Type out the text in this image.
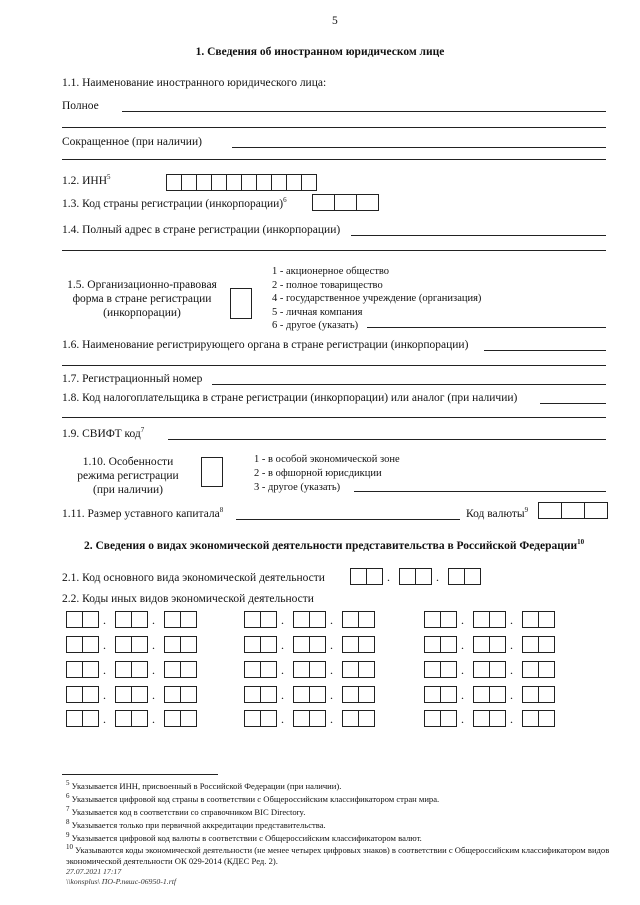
5
1. Сведения об иностранном юридическом лице
1.1. Наименование иностранного юридического лица:
Полное
Сокращенное (при наличии)
1.2. ИНН$^5$
1.3. Код страны регистрации (инкорпорации)$^6$
1.4. Полный адрес в стране регистрации (инкорпорации)
1.5. Организационно-правовая
форма в стране регистрации
(инкорпорации)
1 - акционерное общество
2 - полное товарищество
4 - государственное учреждение (организация)
5 - личная компания
6 - другое (указать)
1.6. Наименование регистрирующего органа в стране регистрации (инкорпорации)
1.7. Регистрационный номер
1.8. Код налогоплательщика в стране регистрации (инкорпорации) или аналог (при наличии)
1.9. СВИФТ код$^7$
1.10. Особенности
режима регистрации
(при наличии)
1 - в особой экономической зоне
2 - в офшорной юрисдикции
3 - другое (указать)
1.11. Размер уставного капитала$^8$	Код валюты$^9$
2. Сведения о видах экономической деятельности представительства в Российской Федерации$^{10}$
2.1. Код основного вида экономической деятельности	.	.
2.2. Коды иных видов экономической деятельности
.	.	.	.	.	.
.	.	.	.	.	.
.	.	.	.	.	.
.	.	.	.	.	.
.	.	.	.	.	.
$^5$ Указывается ИНН, присвоенный в Российской Федерации (при наличии).
$^6$ Указывается цифровой код страны в соответствии с Общероссийским классификатором стран мира.
$^7$ Указывается код в соответствии со справочником BIC Directory.
$^8$ Указывается только при первичной аккредитации представительства.
$^9$ Указывается цифровой код валюты в соответствии с Общероссийским классификатором валют.
$^{10}$ Указываются коды экономической деятельности (не менее четырех цифровых знаков) в соответствии с Общероссийским классификатором видов экономической деятельности ОК 029-2014 (КДЕС Ред. 2).
27.07.2021 17:17
\\konsplus\ ПО-Р.пвшс-06950-1.rtf
